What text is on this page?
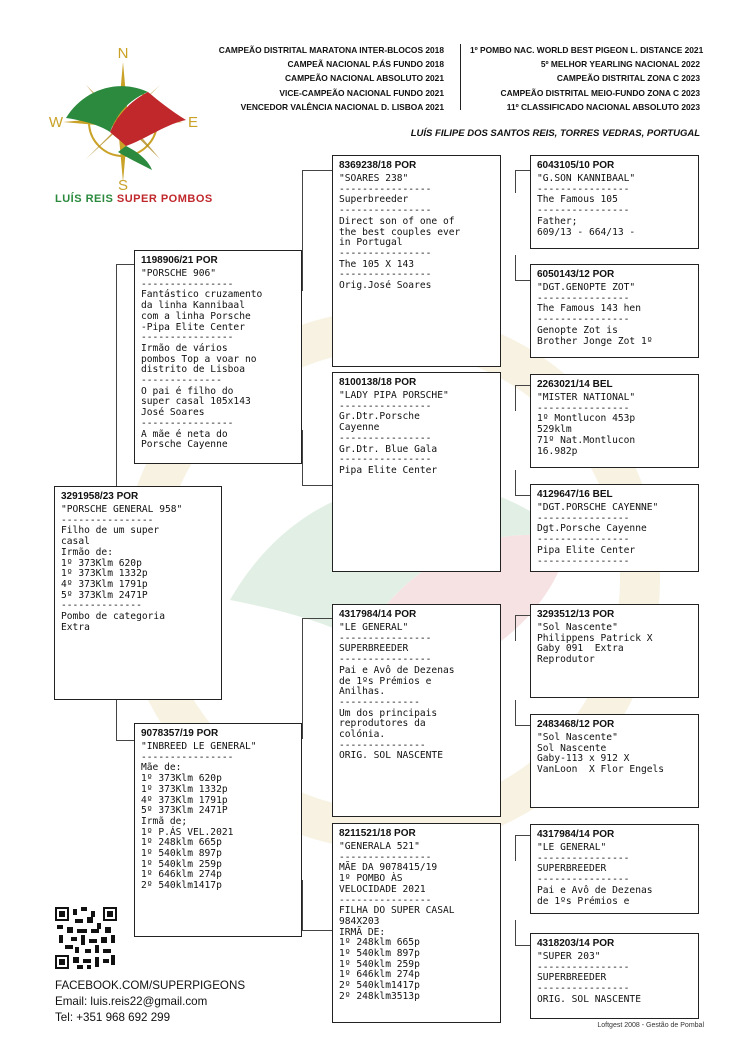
N
S
W	E
LUÍS REIS SUPER POMBOS
CAMPEÃO DISTRITAL MARATONA INTER-BLOCOS 2018
CAMPEÃ NACIONAL P.ÁS FUNDO 2018
CAMPEÃO NACIONAL ABSOLUTO 2021
VICE-CAMPEÃO NACIONAL FUNDO 2021
VENCEDOR VALÊNCIA NACIONAL D. LISBOA 2021
1º POMBO NAC. WORLD BEST PIGEON L. DISTANCE 2021
5º MELHOR YEARLING NACIONAL 2022
CAMPEÃO DISTRITAL ZONA C 2023
CAMPEÃO DISTRITAL MEIO-FUNDO ZONA C 2023
11º CLASSIFICADO NACIONAL ABSOLUTO 2023
LUÍS FILIPE DOS SANTOS REIS, TORRES VEDRAS, PORTUGAL
3291958/23 POR
"PORSCHE GENERAL 958"
----------------
Filho de um super
casal
Irmão de:
1º 373Klm 620p
1º 373Klm 1332p
4º 373Klm 1791p
5º 373Klm 2471P
--------------
Pombo de categoria
Extra
1198906/21 POR
"PORSCHE 906"
----------------
Fantástico cruzamento
da linha Kannibaal
com a linha Porsche
-Pipa Elite Center
----------------
Irmão de vários
pombos Top a voar no
distrito de Lisboa
--------------
O pai é filho do
super casal 105x143
José Soares
----------------
A mãe é neta do
Porsche Cayenne
9078357/19 POR
"INBREED LE GENERAL"
----------------
Mãe de:
1º 373Klm 620p
1º 373Klm 1332p
4º 373Klm 1791p
5º 373Klm 2471P
Irmã de;
1º P.ÁS VEL.2021
1º 248klm 665p
1º 540klm 897p
1º 540klm 259p
1º 646klm 274p
2º 540klm1417p
8369238/18 POR
"SOARES 238"
----------------
Superbreeder
----------------
Direct son of one of
the best couples ever
in Portugal
----------------
The 105 X 143
----------------
Orig.José Soares
8100138/18 POR
"LADY PIPA PORSCHE"
----------------
Gr.Dtr.Porsche
Cayenne
----------------
Gr.Dtr. Blue Gala
----------------
Pipa Elite Center
4317984/14 POR
"LE GENERAL"
----------------
SUPERBREEDER
----------------
Pai e Avô de Dezenas
de 1ºs Prémios e
Anilhas.
--------------
Um dos principais
reprodutores da
colónia.
---------------
ORIG. SOL NASCENTE
8211521/18 POR
"GENERALA 521"
----------------
MÃE DA 9078415/19
1º POMBO ÀS
VELOCIDADE 2021
----------------
FILHA DO SUPER CASAL
984X203
IRMÃ DE:
1º 248klm 665p
1º 540klm 897p
1º 540klm 259p
1º 646klm 274p
2º 540klm1417p
2º 248klm3513p
6043105/10 POR
"G.SON KANNIBAAL"
----------------
The Famous 105
----------------
Father;
609/13 - 664/13 -
6050143/12 POR
"DGT.GENOPTE ZOT"
----------------
The Famous 143 hen
----------------
Genopte Zot is
Brother Jonge Zot 1º
2263021/14 BEL
"MISTER NATIONAL"
----------------
1º Montlucon 453p
529klm
71º Nat.Montlucon
16.982p
4129647/16 BEL
"DGT.PORSCHE CAYENNE"
----------------
Dgt.Porsche Cayenne
----------------
Pipa Elite Center
----------------
3293512/13 POR
"Sol Nascente"
Philippens Patrick X
Gaby 091  Extra
Reprodutor
2483468/12 POR
"Sol Nascente"
Sol Nascente
Gaby-113 x 912 X
VanLoon  X Flor Engels
4317984/14 POR
"LE GENERAL"
----------------
SUPERBREEDER
----------------
Pai e Avô de Dezenas
de 1ºs Prémios e
4318203/14 POR
"SUPER 203"
----------------
SUPERBREEDER
----------------
ORIG. SOL NASCENTE
FACEBOOK.COM/SUPERPIGEONS
Email: luis.reis22@gmail.com
Tel: +351 968 692 299
Loftgest 2008 - Gestão de Pombal
